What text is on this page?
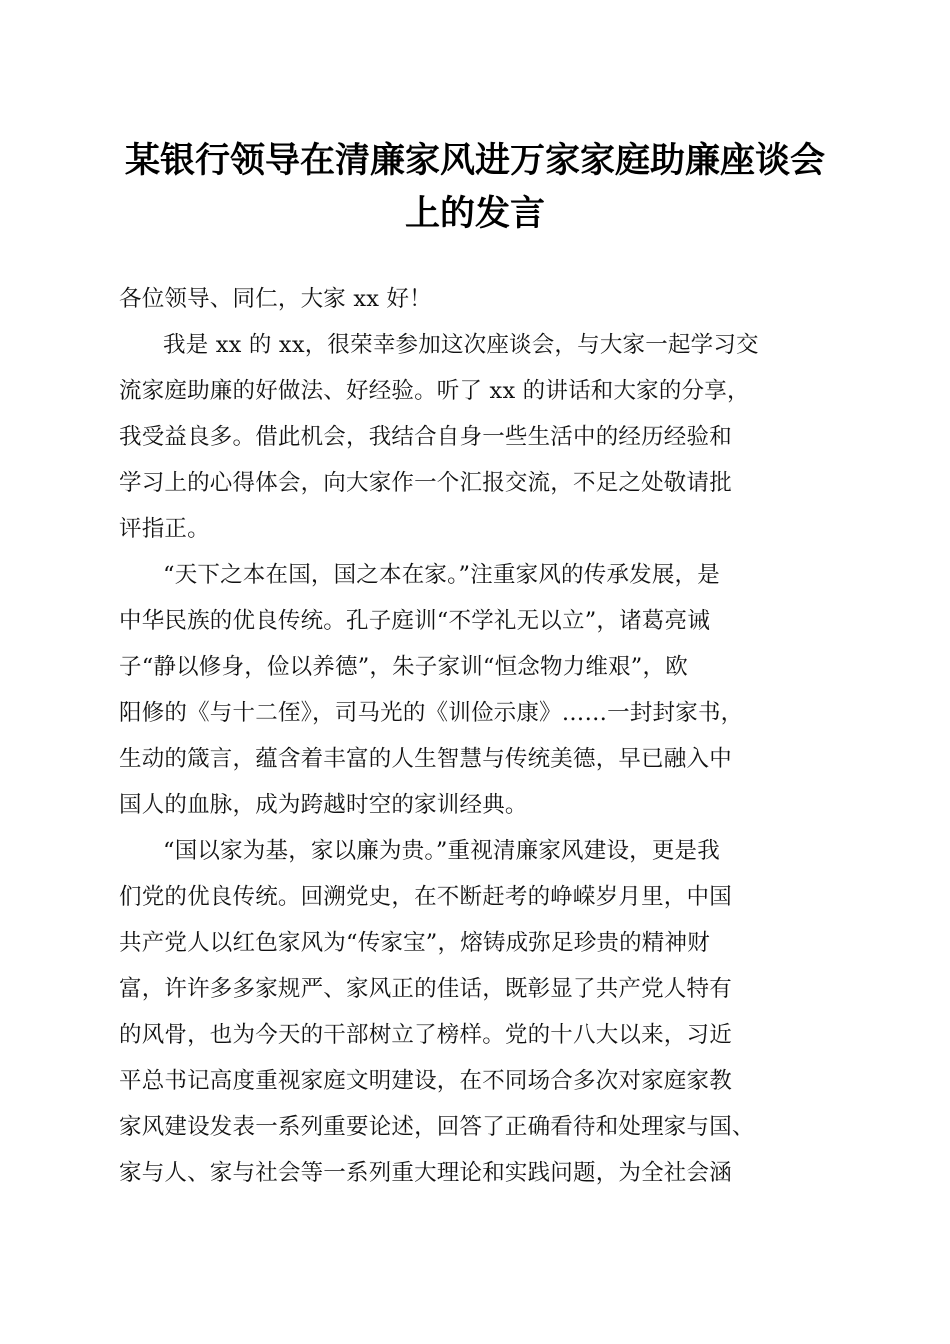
某银行领导在清廉家风进万家家庭助廉座谈会
上的发言
各位领导、同仁，大家 xx 好！
我是 xx 的 xx，很荣幸参加这次座谈会，与大家一起学习交
流家庭助廉的好做法、好经验。听了 xx 的讲话和大家的分享，
我受益良多。借此机会，我结合自身一些生活中的经历经验和
学习上的心得体会，向大家作一个汇报交流，不足之处敬请批
评指正。
“天下之本在国，国之本在家。”注重家风的传承发展，是
中华民族的优良传统。孔子庭训“不学礼无以立”，诸葛亮诫
子“静以修身，俭以养德”，朱子家训“恒念物力维艰”，欧
阳修的《与十二侄》，司马光的《训俭示康》……一封封家书，
生动的箴言，蕴含着丰富的人生智慧与传统美德，早已融入中
国人的血脉，成为跨越时空的家训经典。
“国以家为基，家以廉为贵。”重视清廉家风建设，更是我
们党的优良传统。回溯党史，在不断赶考的峥嵘岁月里，中国
共产党人以红色家风为“传家宝”，熔铸成弥足珍贵的精神财
富，许许多多家规严、家风正的佳话，既彰显了共产党人特有
的风骨，也为今天的干部树立了榜样。党的十八大以来，习近
平总书记高度重视家庭文明建设，在不同场合多次对家庭家教
家风建设发表一系列重要论述，回答了正确看待和处理家与国、
家与人、家与社会等一系列重大理论和实践问题，为全社会涵
